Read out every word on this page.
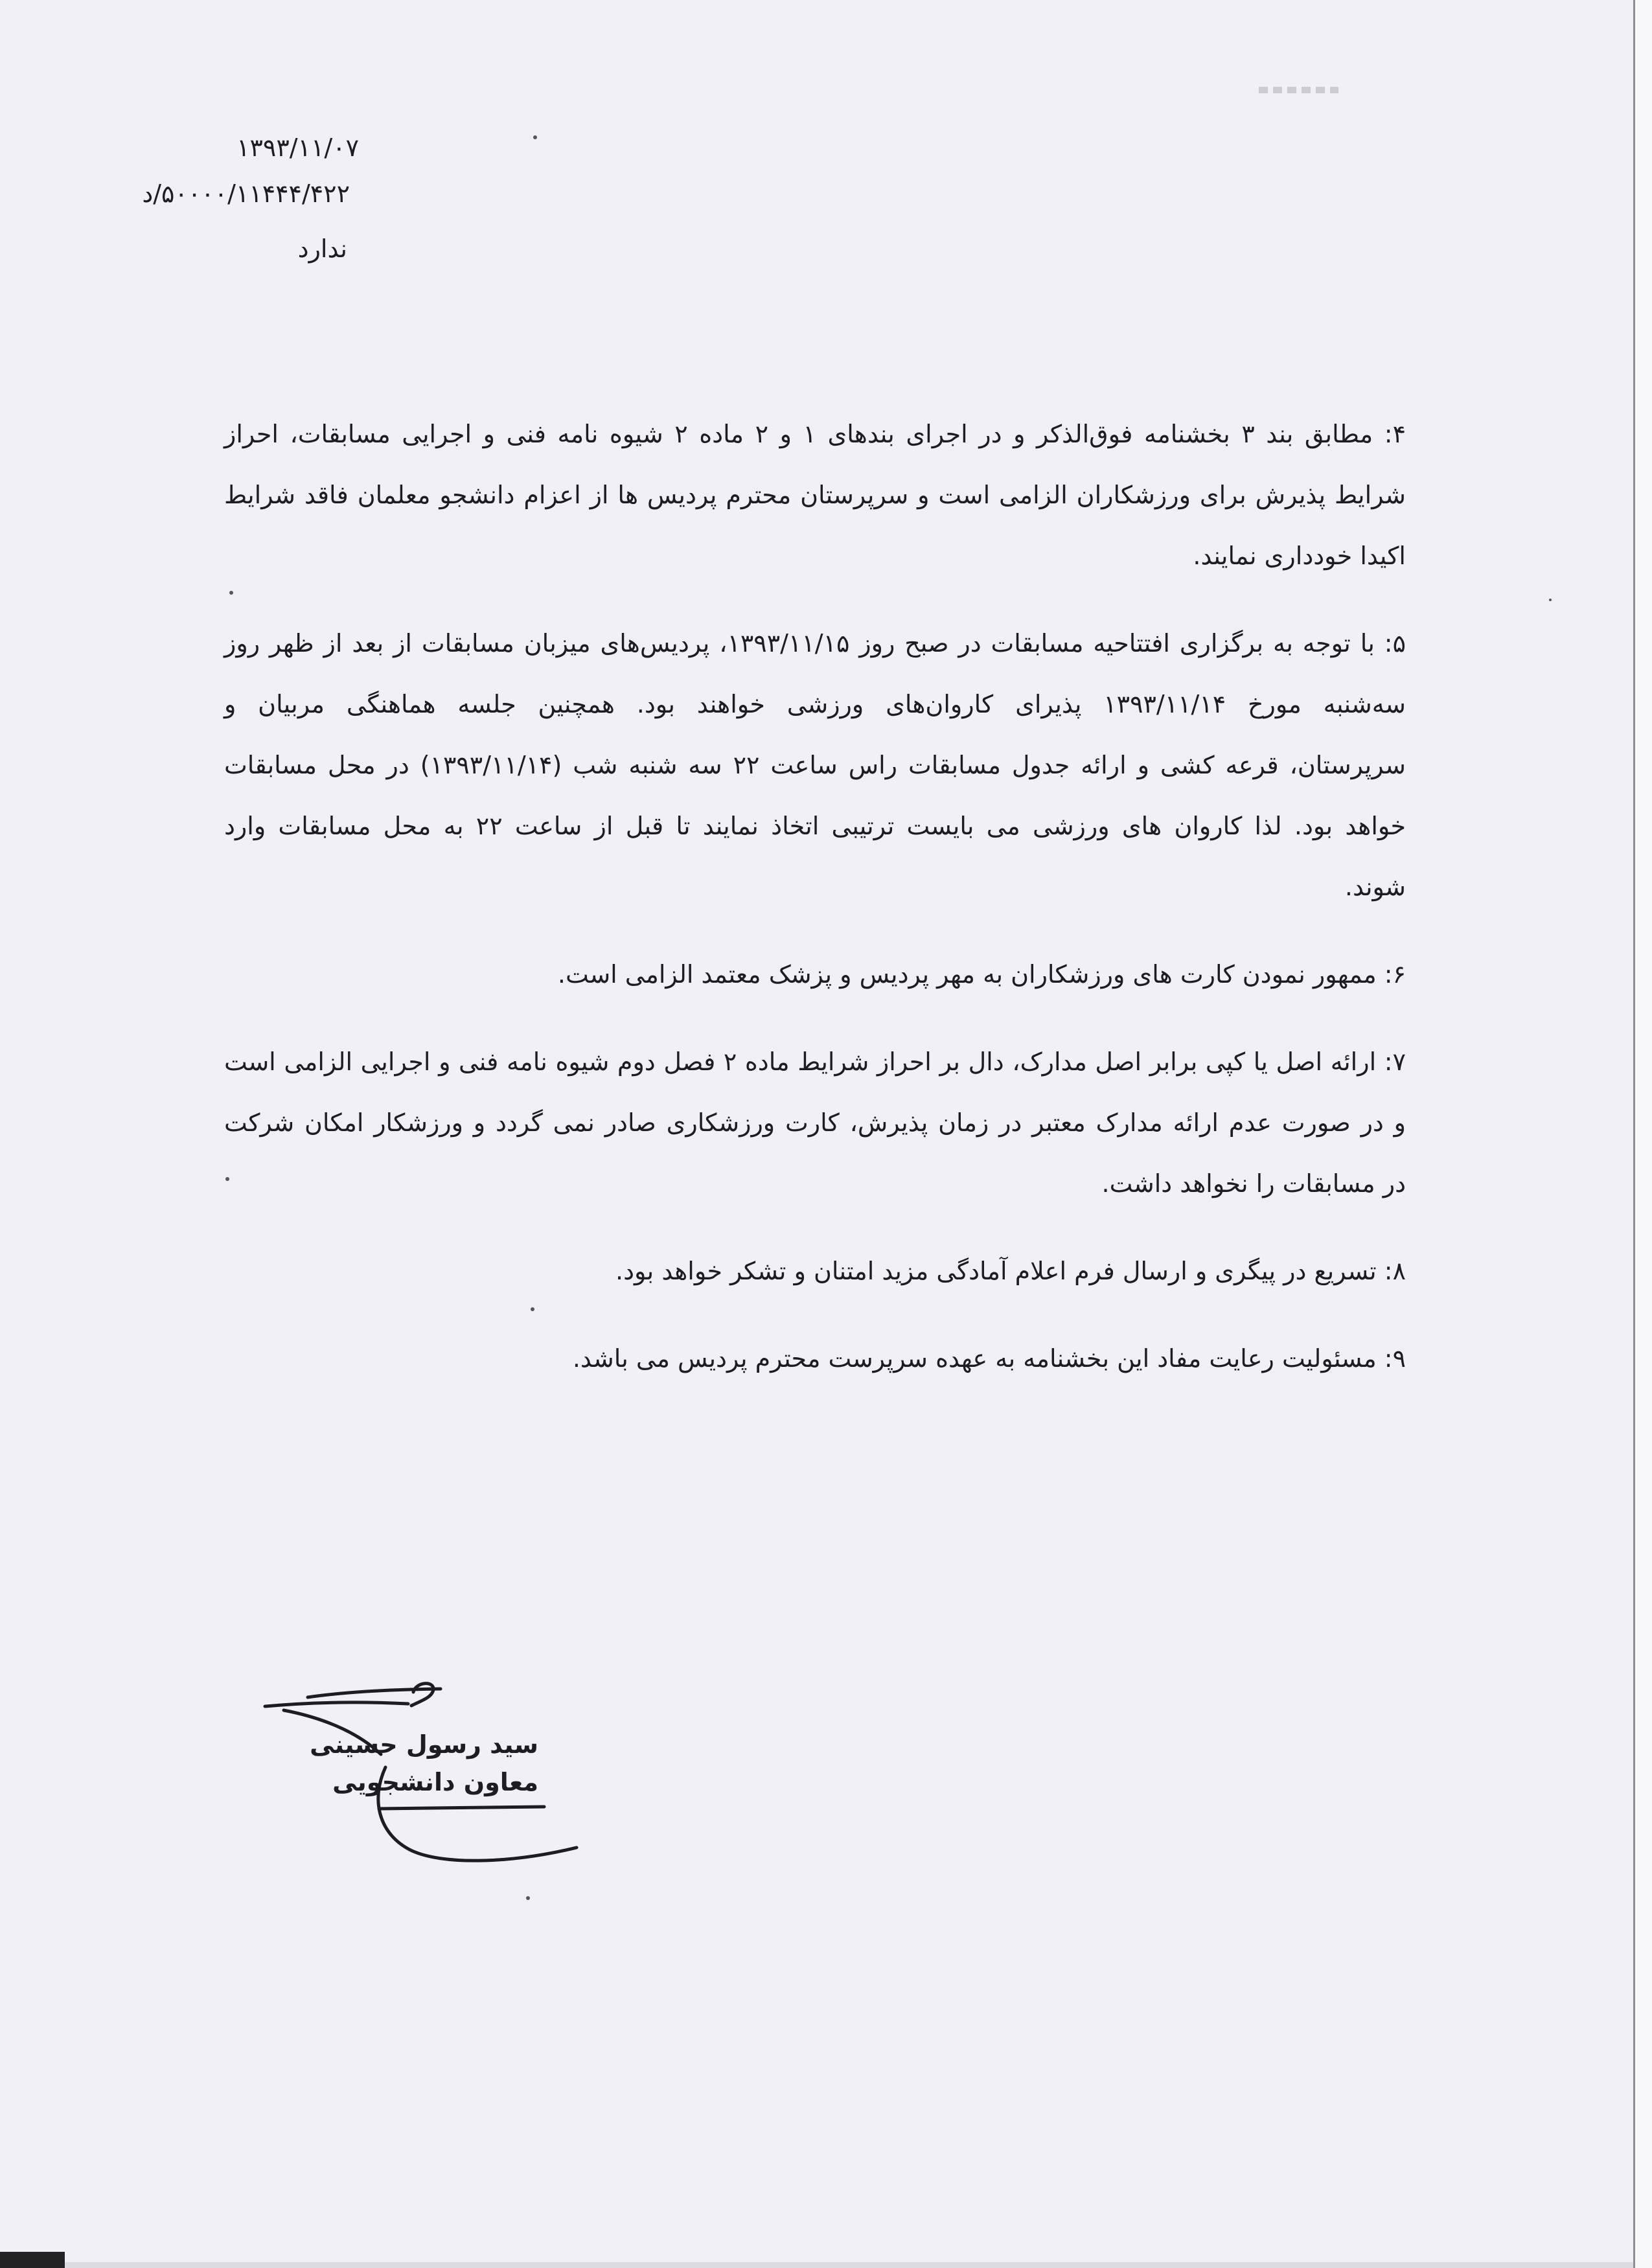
۱۳۹۳/۱۱/۰۷
د/۵۰۰۰۰/۱۱۴۴۴/۴۲۲
ندارد
۴: مطابق بند ۳ بخشنامه فوق‌الذکر و در اجرای بندهای ۱ و ۲ ماده ۲ شیوه نامه فنی و اجرایی مسابقات، احراز
شرایط پذیرش برای ورزشکاران الزامی است و سرپرستان محترم پردیس ها از اعزام دانشجو معلمان فاقد شرایط
اکیدا خودداری نمایند.
۵: با توجه به برگزاری افتتاحیه مسابقات در صبح روز ۱۳۹۳/۱۱/۱۵، پردیس‌های میزبان مسابقات از بعد از ظهر روز
سه‌شنبه مورخ ۱۳۹۳/۱۱/۱۴ پذیرای کاروان‌های ورزشی خواهند بود. همچنین جلسه هماهنگی مربیان و
سرپرستان، قرعه کشی و ارائه جدول مسابقات راس ساعت ۲۲ سه شنبه شب (۱۳۹۳/۱۱/۱۴) در محل مسابقات
خواهد بود. لذا کاروان های ورزشی می بایست ترتیبی اتخاذ نمایند تا قبل از ساعت ۲۲ به محل مسابقات وارد
شوند.
۶: ممهور نمودن کارت های ورزشکاران به مهر پردیس و پزشک معتمد الزامی است.
۷: ارائه اصل یا کپی برابر اصل مدارک، دال بر احراز شرایط ماده ۲ فصل دوم شیوه نامه فنی و اجرایی الزامی است
و در صورت عدم ارائه مدارک معتبر در زمان پذیرش، کارت ورزشکاری صادر نمی گردد و ورزشکار امکان شرکت
در مسابقات را نخواهد داشت.
۸: تسریع در پیگری و ارسال فرم اعلام آمادگی مزید امتنان و تشکر خواهد بود.
۹: مسئولیت رعایت مفاد این بخشنامه به عهده سرپرست محترم پردیس می باشد.
سید رسول حسینی
معاون دانشجویی
